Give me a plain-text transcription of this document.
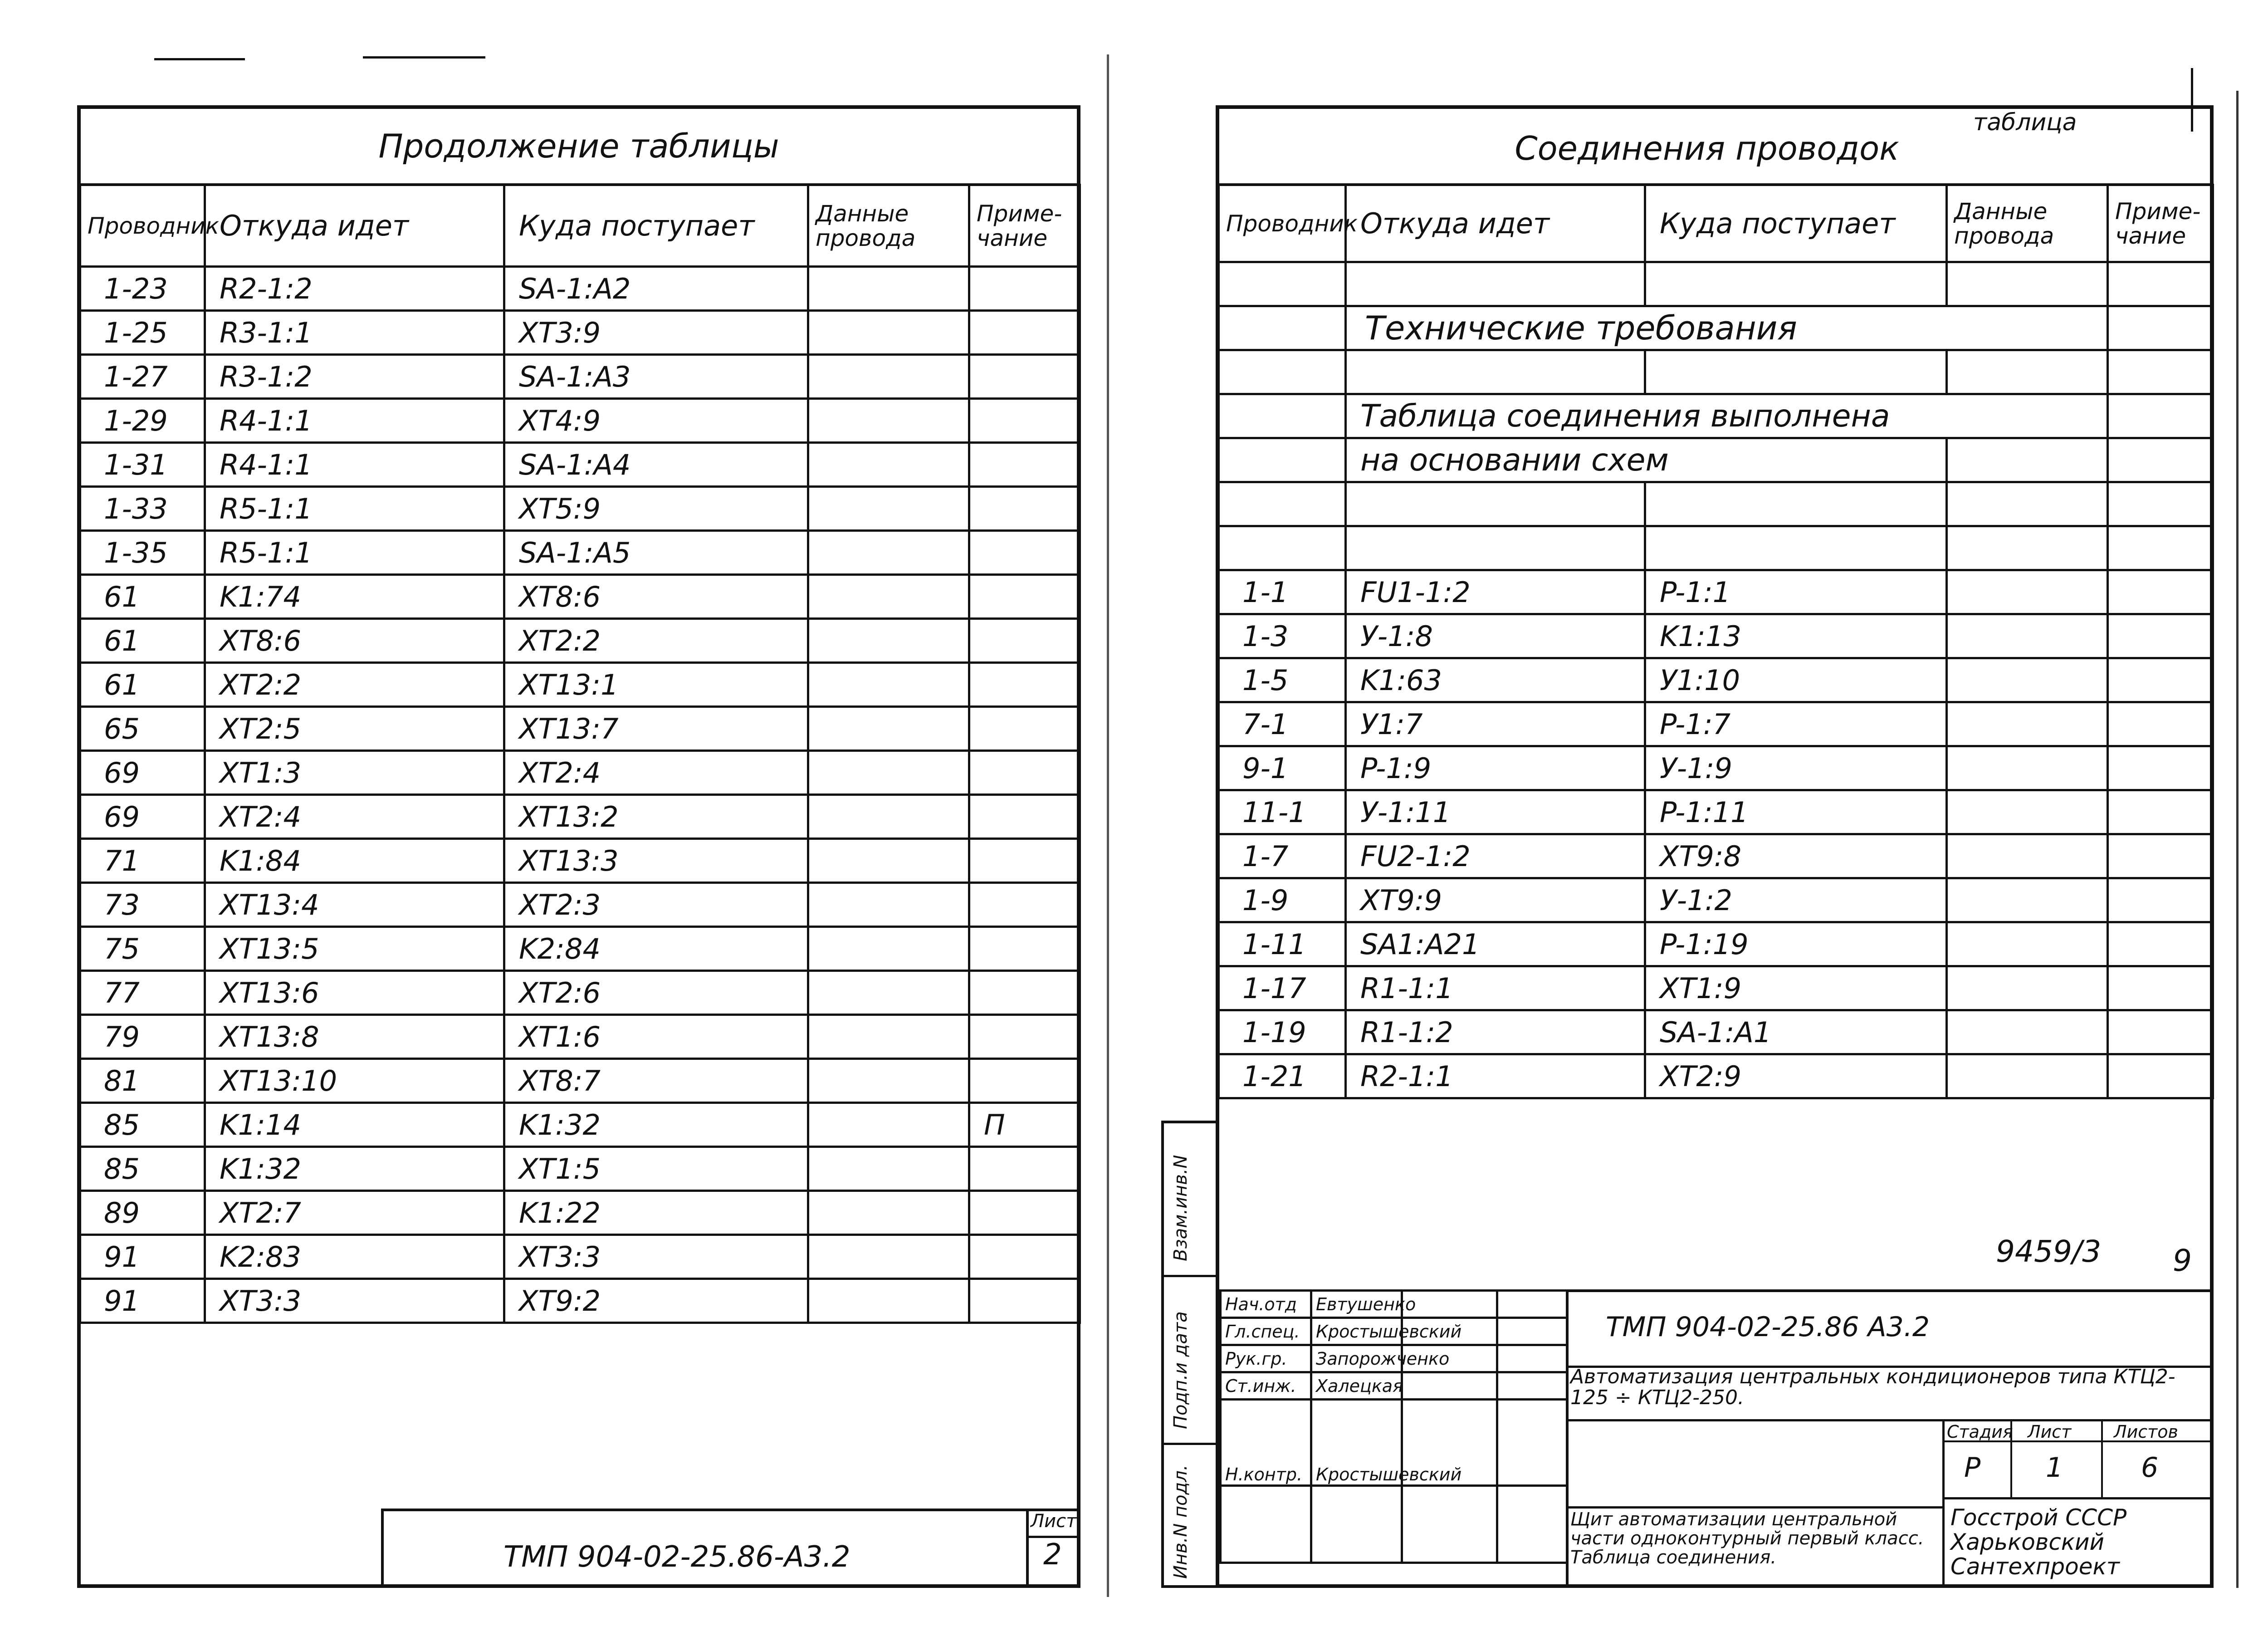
Продолжение таблицы
Проводник	Откуда идет	Куда поступает	Данные провода	Приме-чание
1-23	R2-1:2	SA-1:A2		
1-25	R3-1:1	XT3:9		
1-27	R3-1:2	SA-1:A3		
1-29	R4-1:1	XT4:9		
1-31	R4-1:1	SA-1:A4		
1-33	R5-1:1	XT5:9		
1-35	R5-1:1	SA-1:A5		
61	K1:74	XT8:6		
61	XT8:6	XT2:2		
61	XT2:2	XT13:1		
65	XT2:5	XT13:7		
69	XT1:3	XT2:4		
69	XT2:4	XT13:2		
71	K1:84	XT13:3		
73	XT13:4	XT2:3		
75	XT13:5	K2:84		
77	XT13:6	XT2:6		
79	XT13:8	XT1:6		
81	XT13:10	XT8:7		
85	K1:14	K1:32		П
85	K1:32	XT1:5		
89	XT2:7	K1:22		
91	K2:83	XT3:3		
91	XT3:3	XT9:2		
ТМП 904-02-25.86-А3.2
Лист
2
Взам.инв.N
Подп.и дата
Инв.N подл.
таблица
Соединения проводок
Проводник	Откуда идет	Куда поступает	Данные провода	Приме-чание

	Технические требования			

	Таблица соединения выполнена			
	на основании схем			

1-1	FU1-1:2	P-1:1		
1-3	У-1:8	K1:13		
1-5	K1:63	У1:10		
7-1	У1:7	P-1:7		
9-1	P-1:9	У-1:9		
11-1	У-1:11	P-1:11		
1-7	FU2-1:2	XT9:8		
1-9	XT9:9	У-1:2		
1-11	SA1:A21	P-1:19		
1-17	R1-1:1	XT1:9		
1-19	R1-1:2	SA-1:A1		
1-21	R2-1:1	XT2:9		
9459/3 9
Нач.отд	Евтушенко		
Гл.спец.	Кростышевский		
Рук.гр.	Запорожченко		
Ст.инж.	Халецкая		
Н.контр.	Кростышевский		

ТМП 904-02-25.86 А3.2
Автоматизация центральных кондиционеров типа КТЦ2-125 ÷ КТЦ2-250.
Стадия Лист Листов
Р 1	6
Щит автоматизации центральной части одноконтурный первый класс. Таблица соединения.
Госстрой СССР Харьковский Сантехпроект
